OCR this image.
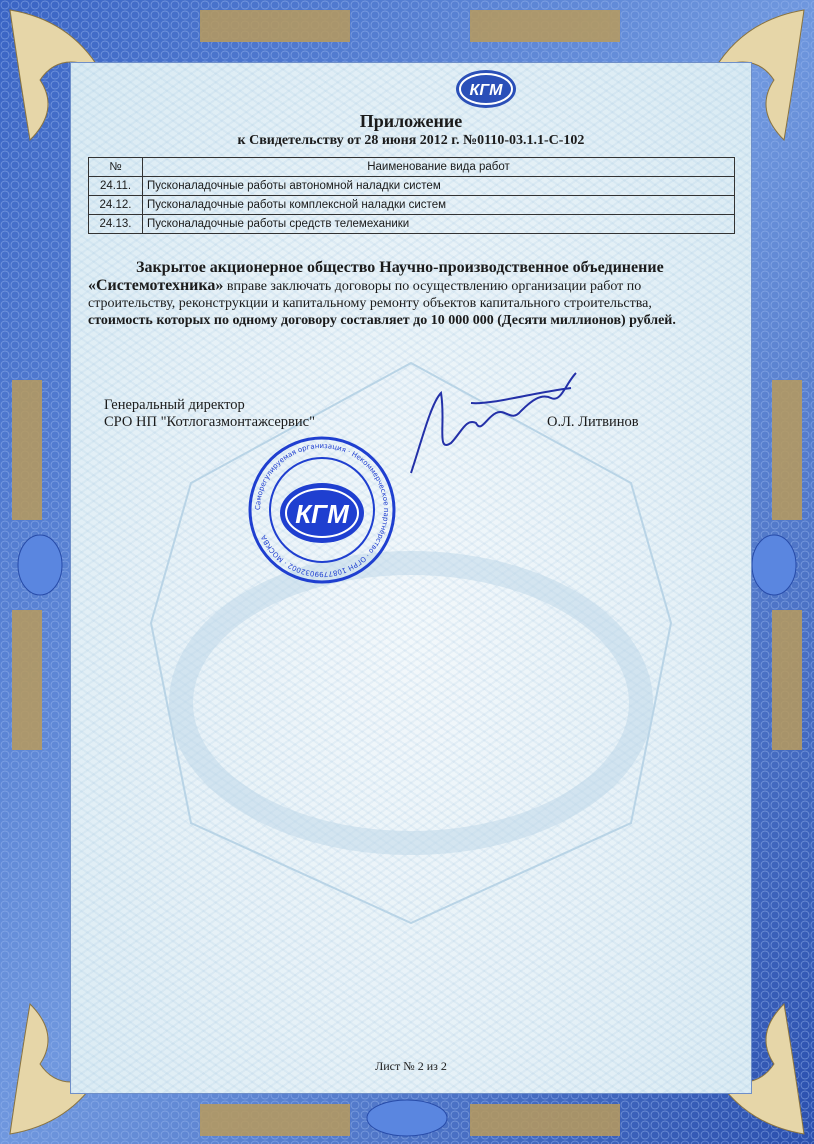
КГМ
Приложение
к Свидетельству от 28 июня 2012 г. №0110-03.1.1-С-102
№	Наименование вида работ
24.11.	Пусконаладочные работы автономной наладки систем
24.12.	Пусконаладочные работы комплексной наладки систем
24.13.	Пусконаладочные работы средств телемеханики
Закрытое акционерное общество Научно-производственное объединение «Системотехника» вправе заключать договоры по осуществлению организации работ по строительству, реконструкции и капитальному ремонту объектов капитального строительства, стоимость которых по одному договору составляет до 10 000 000 (Десяти миллионов) рублей.
Генеральный директор
СРО НП "Котлогазмонтажсервис"	О.Л. Литвинов
Саморегулируемая организация · Некоммерческое партнёрство · ОГРН 1087799032002 · МОСКВА
КГМ
Лист № 2 из 2
